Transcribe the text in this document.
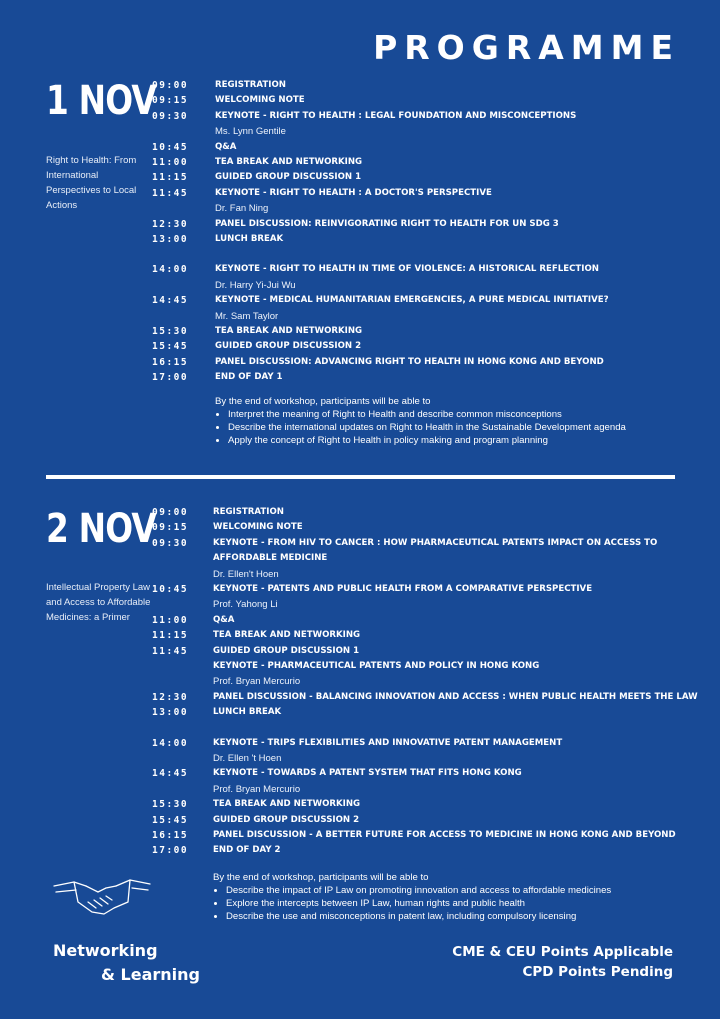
PROGRAMME
1 NOV
Right to Health: From International Perspectives to Local Actions
09:00	REGISTRATION
09:15	WELCOMING NOTE
09:30	KEYNOTE - RIGHT TO HEALTH : LEGAL FOUNDATION AND MISCONCEPTIONS
Ms. Lynn Gentile
10:45	Q&A
11:00	TEA BREAK AND NETWORKING
11:15	GUIDED GROUP DISCUSSION 1
11:45	KEYNOTE - RIGHT TO HEALTH : A DOCTOR'S PERSPECTIVE
Dr. Fan Ning
12:30	PANEL DISCUSSION: REINVIGORATING RIGHT TO HEALTH FOR UN SDG 3
13:00	LUNCH BREAK
14:00	KEYNOTE - RIGHT TO HEALTH IN TIME OF VIOLENCE: A HISTORICAL REFLECTION
Dr. Harry Yi-Jui Wu
14:45	KEYNOTE - MEDICAL HUMANITARIAN EMERGENCIES, A PURE MEDICAL INITIATIVE?
Mr. Sam Taylor
15:30	TEA BREAK AND NETWORKING
15:45	GUIDED GROUP DISCUSSION 2
16:15	PANEL DISCUSSION: ADVANCING RIGHT TO HEALTH IN HONG KONG AND BEYOND
17:00	END OF DAY 1
By the end of workshop, participants will be able to
• Interpret the meaning of Right to Health and describe common misconceptions
• Describe the international updates on Right to Health in the Sustainable Development agenda
• Apply the concept of Right to Health in policy making and program planning
2 NOV
Intellectual Property Law and Access to Affordable Medicines: a Primer
09:00	REGISTRATION
09:15	WELCOMING NOTE
09:30	KEYNOTE - FROM HIV TO CANCER : HOW PHARMACEUTICAL PATENTS IMPACT ON ACCESS TO
AFFORDABLE MEDICINE
Dr. Ellen't Hoen
10:45	KEYNOTE - PATENTS AND PUBLIC HEALTH FROM A COMPARATIVE PERSPECTIVE
Prof. Yahong Li
11:00	Q&A
11:15	TEA BREAK AND NETWORKING
11:45	GUIDED GROUP DISCUSSION 1
KEYNOTE - PHARMACEUTICAL PATENTS AND POLICY IN HONG KONG
Prof. Bryan Mercurio
12:30	PANEL DISCUSSION - BALANCING INNOVATION AND ACCESS : WHEN PUBLIC HEALTH MEETS THE LAW
13:00	LUNCH BREAK
14:00	KEYNOTE - TRIPS FLEXIBILITIES AND INNOVATIVE PATENT MANAGEMENT
Dr. Ellen 't Hoen
14:45	KEYNOTE - TOWARDS A PATENT SYSTEM THAT FITS HONG KONG
Prof. Bryan Mercurio
15:30	TEA BREAK AND NETWORKING
15:45	GUIDED GROUP DISCUSSION 2
16:15	PANEL DISCUSSION - A BETTER FUTURE FOR ACCESS TO MEDICINE IN HONG KONG AND BEYOND
17:00	END OF DAY 2
By the end of workshop, participants will be able to
• Describe the impact of IP Law on promoting innovation and access to affordable medicines
• Explore the intercepts between IP Law, human rights and public health
• Describe the use and misconceptions in patent law, including compulsory licensing
Networking
& Learning
CME & CEU Points Applicable
CPD Points Pending
